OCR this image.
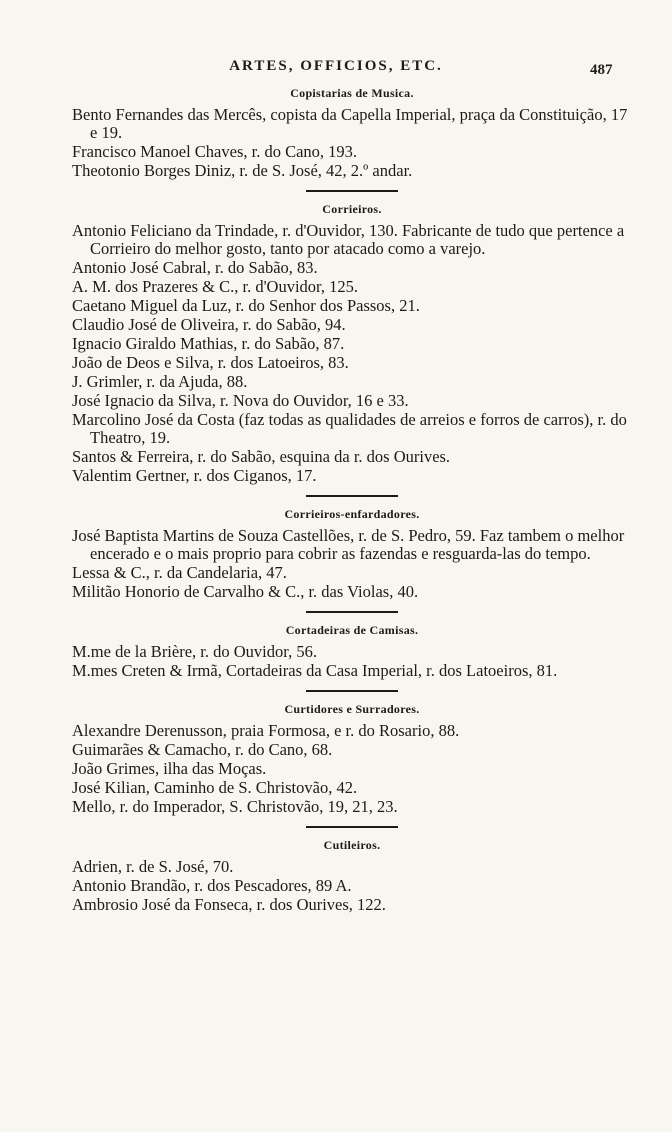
ARTES, OFFICIOS, ETC.	487
Copistarias de Musica.
Bento Fernandes das Mercês, copista da Capella Imperial, praça da Constituição, 17 e 19.
Francisco Manoel Chaves, r. do Cano, 193.
Theotonio Borges Diniz, r. de S. José, 42, 2.º andar.
Corrieiros.
Antonio Feliciano da Trindade, r. d'Ouvidor, 130. Fabricante de tudo que pertence a Corrieiro do melhor gosto, tanto por atacado como a varejo.
Antonio José Cabral, r. do Sabão, 83.
A. M. dos Prazeres & C., r. d'Ouvidor, 125.
Caetano Miguel da Luz, r. do Senhor dos Passos, 21.
Claudio José de Oliveira, r. do Sabão, 94.
Ignacio Giraldo Mathias, r. do Sabão, 87.
João de Deos e Silva, r. dos Latoeiros, 83.
J. Grimler, r. da Ajuda, 88.
José Ignacio da Silva, r. Nova do Ouvidor, 16 e 33.
Marcolino José da Costa (faz todas as qualidades de arreios e forros de carros), r. do Theatro, 19.
Santos & Ferreira, r. do Sabão, esquina da r. dos Ourives.
Valentim Gertner, r. dos Ciganos, 17.
Corrieiros-enfardadores.
José Baptista Martins de Souza Castellões, r. de S. Pedro, 59. Faz tambem o melhor encerado e o mais proprio para cobrir as fazendas e resguarda-las do tempo.
Lessa & C., r. da Candelaria, 47.
Militão Honorio de Carvalho & C., r. das Violas, 40.
Cortadeiras de Camisas.
M.me de la Brière, r. do Ouvidor, 56.
M.mes Creten & Irmã, Cortadeiras da Casa Imperial, r. dos Latoeiros, 81.
Curtidores e Surradores.
Alexandre Derenusson, praia Formosa, e r. do Rosario, 88.
Guimarães & Camacho, r. do Cano, 68.
João Grimes, ilha das Moças.
José Kilian, Caminho de S. Christovão, 42.
Mello, r. do Imperador, S. Christovão, 19, 21, 23.
Cutileiros.
Adrien, r. de S. José, 70.
Antonio Brandão, r. dos Pescadores, 89 A.
Ambrosio José da Fonseca, r. dos Ourives, 122.
